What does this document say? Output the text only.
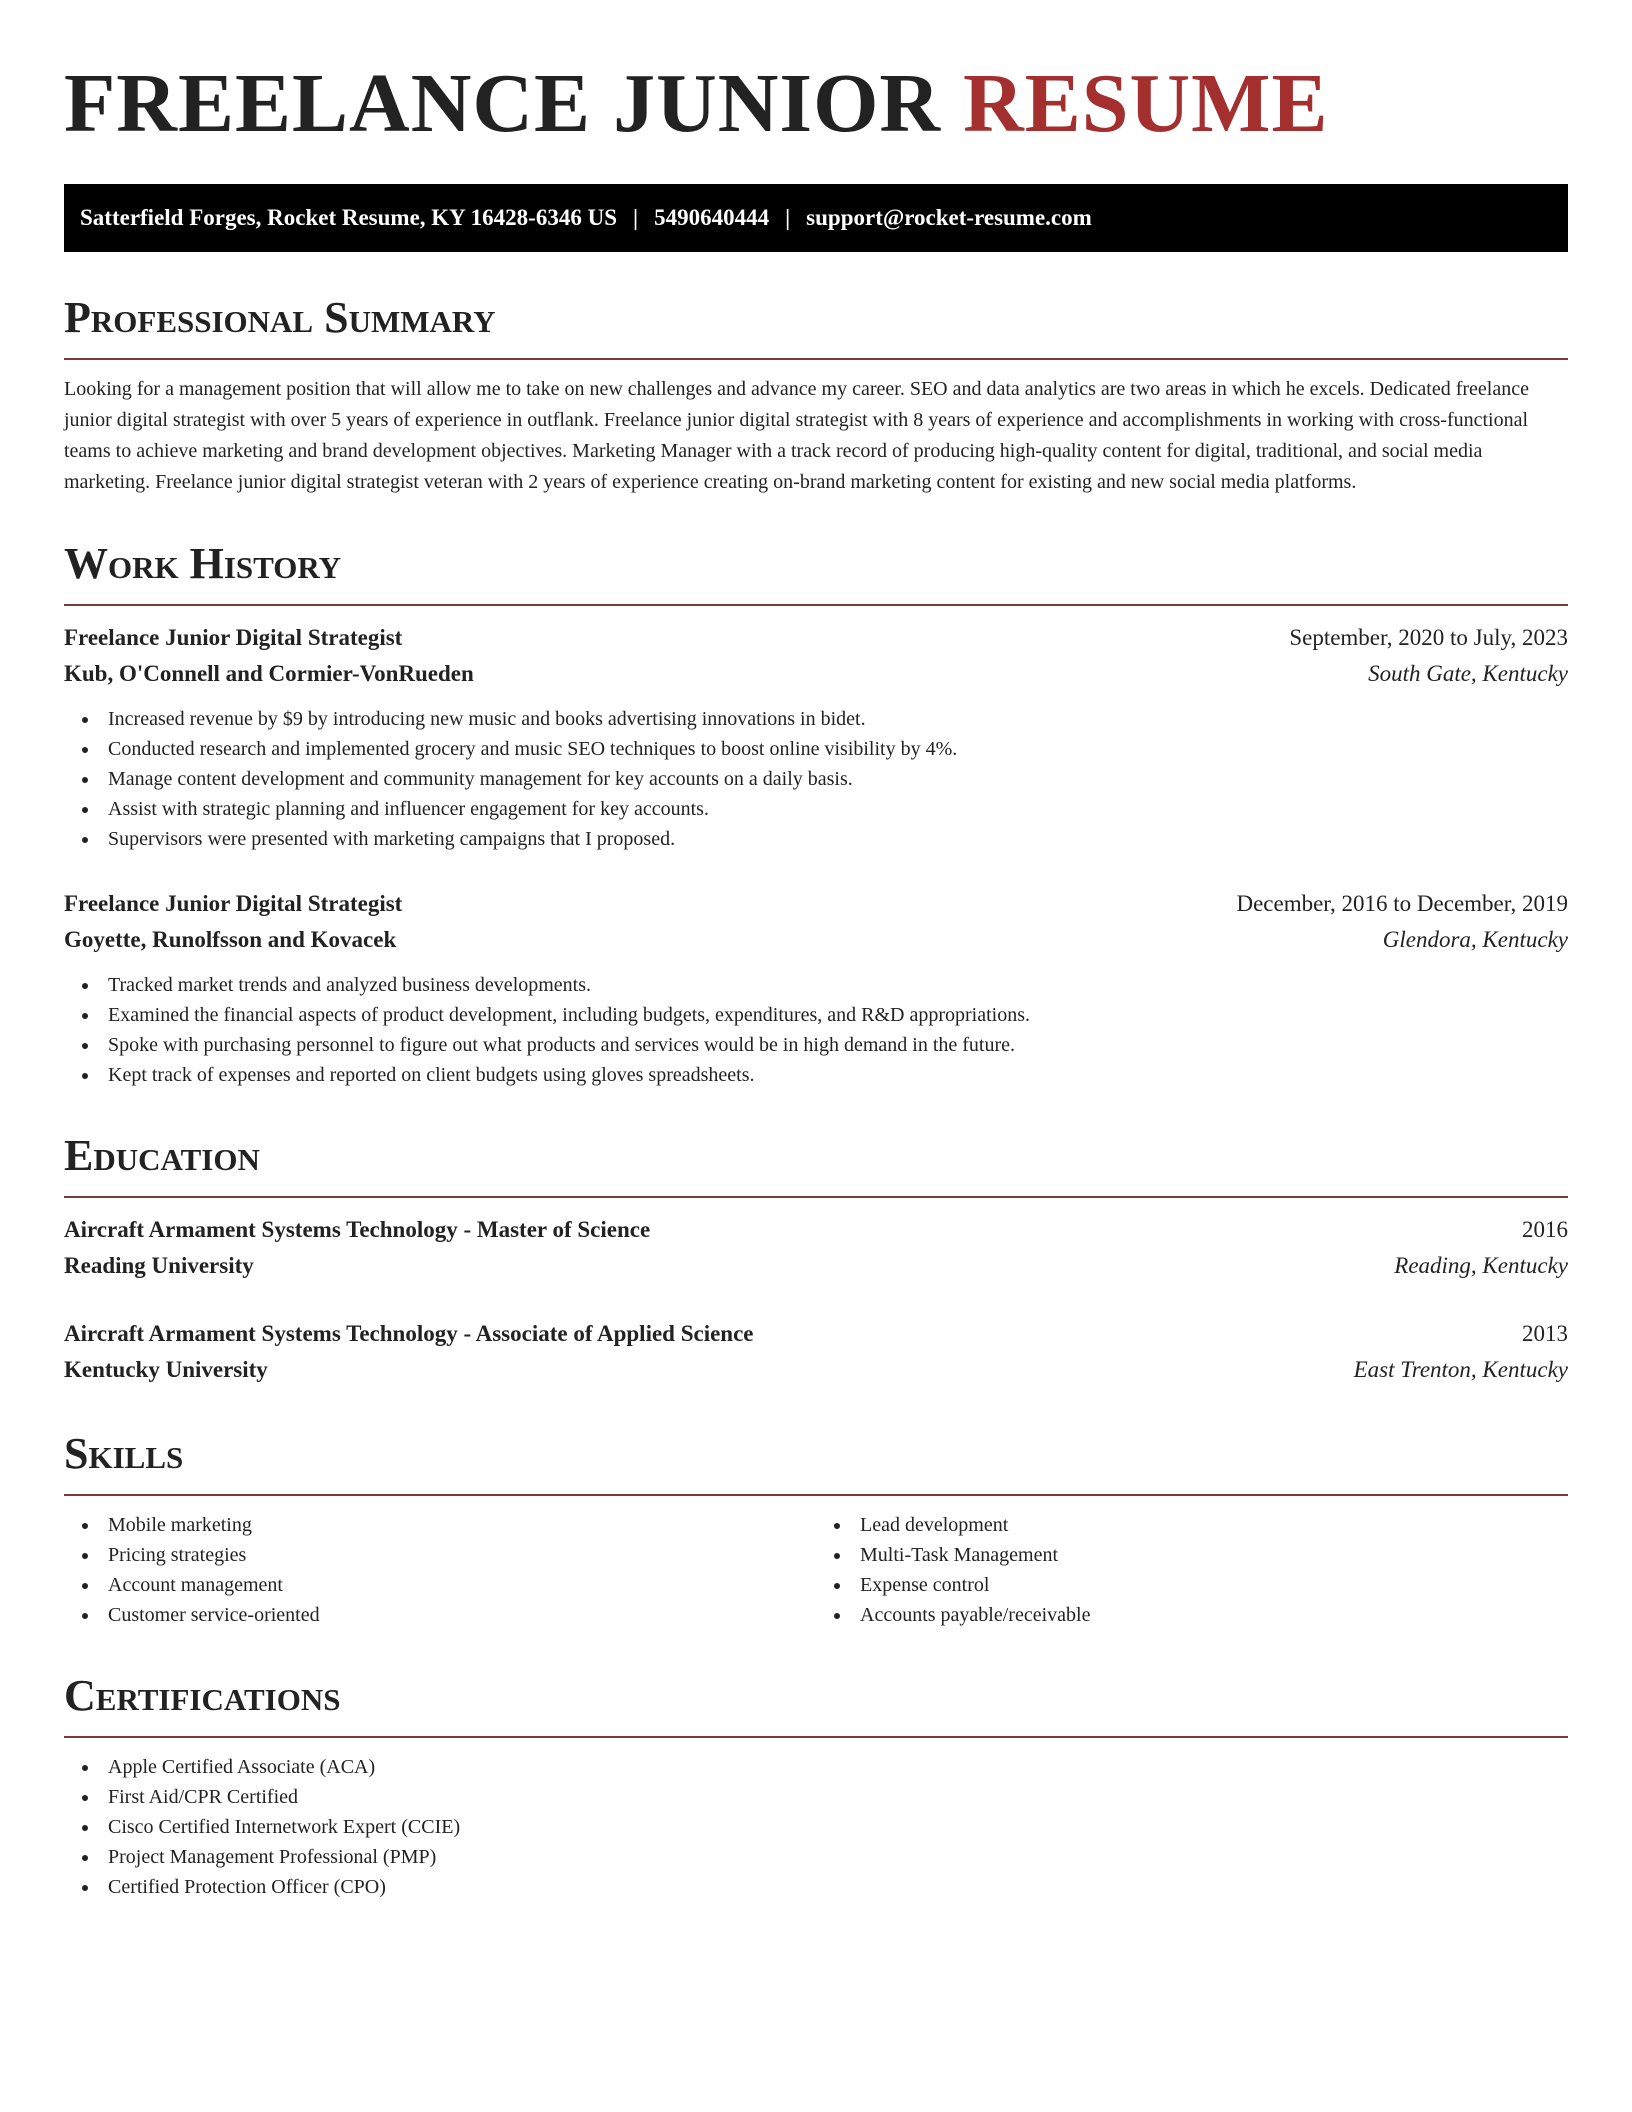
FREELANCE JUNIOR RESUME
Satterfield Forges, Rocket Resume, KY 16428-6346 US | 5490640444 | support@rocket-resume.com
Professional Summary

Looking for a management position that will allow me to take on new challenges and advance my career. SEO and data analytics are two areas in which he excels. Dedicated freelance junior digital strategist with over 5 years of experience in outflank. Freelance junior digital strategist with 8 years of experience and accomplishments in working with cross-functional teams to achieve marketing and brand development objectives. Marketing Manager with a track record of producing high-quality content for digital, traditional, and social media marketing. Freelance junior digital strategist veteran with 2 years of experience creating on-brand marketing content for existing and new social media platforms.

Work History
Freelance Junior Digital Strategist	September, 2020 to July, 2023
Kub, O'Connell and Cormier-VonRueden	South Gate, Kentucky
Increased revenue by $9 by introducing new music and books advertising innovations in bidet.
Conducted research and implemented grocery and music SEO techniques to boost online visibility by 4%.
Manage content development and community management for key accounts on a daily basis.
Assist with strategic planning and influencer engagement for key accounts.
Supervisors were presented with marketing campaigns that I proposed.
Freelance Junior Digital Strategist	December, 2016 to December, 2019
Goyette, Runolfsson and Kovacek	Glendora, Kentucky
Tracked market trends and analyzed business developments.
Examined the financial aspects of product development, including budgets, expenditures, and R&D appropriations.
Spoke with purchasing personnel to figure out what products and services would be in high demand in the future.
Kept track of expenses and reported on client budgets using gloves spreadsheets.
Education
Aircraft Armament Systems Technology - Master of Science	2016
Reading University	Reading, Kentucky
Aircraft Armament Systems Technology - Associate of Applied Science	2013
Kentucky University	East Trenton, Kentucky
Skills
Mobile marketing
Pricing strategies
Account management
Customer service-oriented
Lead development
Multi-Task Management
Expense control
Accounts payable/receivable
Certifications
Apple Certified Associate (ACA)
First Aid/CPR Certified
Cisco Certified Internetwork Expert (CCIE)
Project Management Professional (PMP)
Certified Protection Officer (CPO)
